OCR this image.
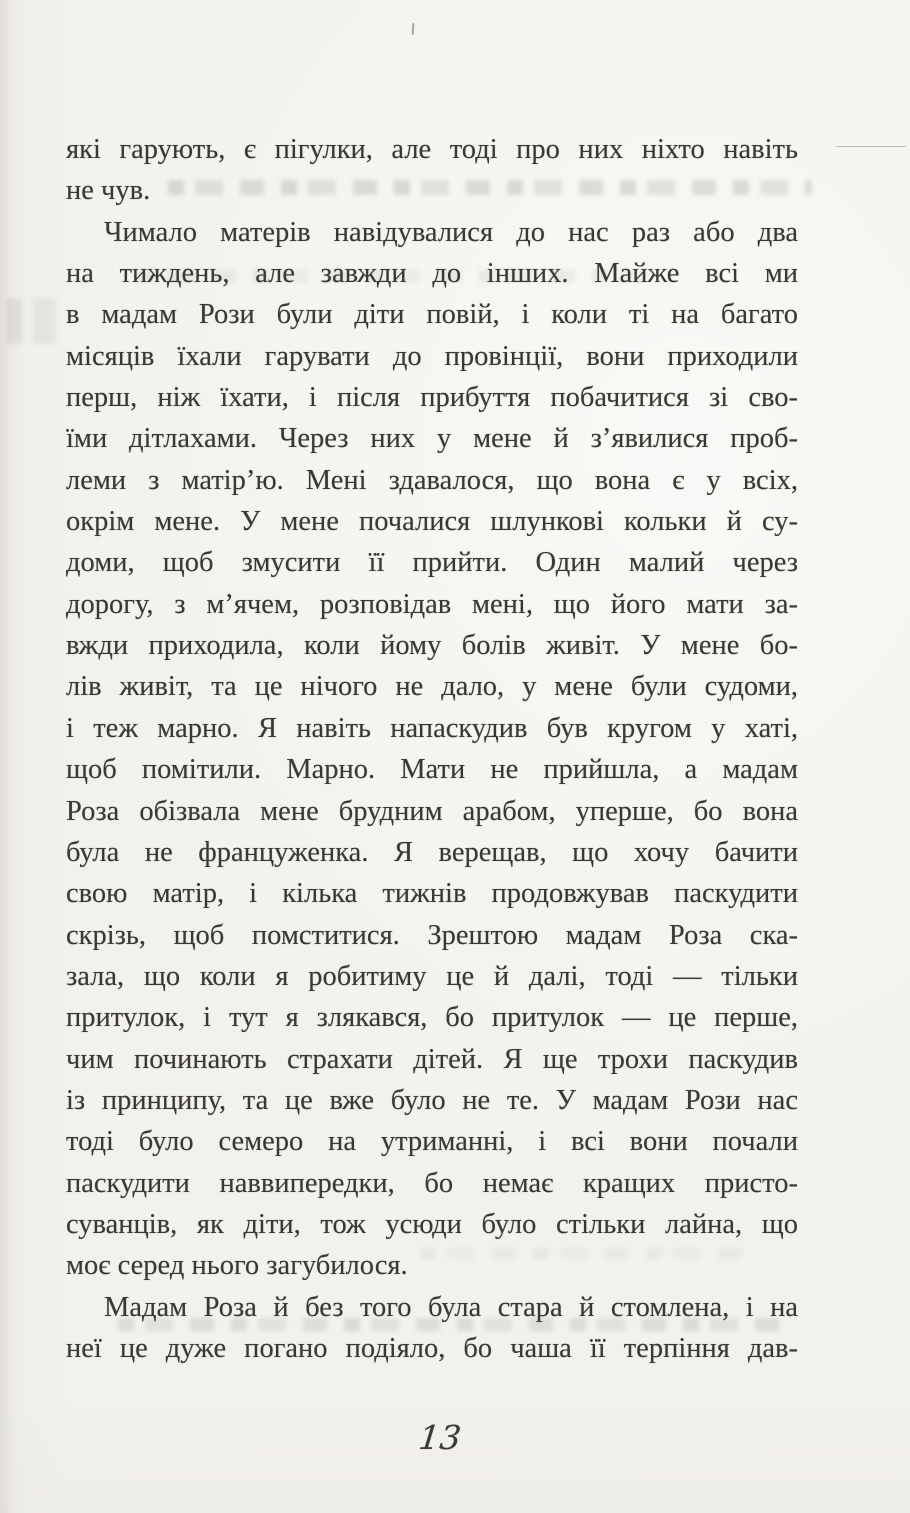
які гарують, є пігулки, але тоді про них ніхто навіть
не чув.
Чимало матерів навідувалися до нас раз або два
на тиждень, але завжди до інших. Майже всі ми
в мадам Рози були діти повій, і коли ті на багато
місяців їхали гарувати до провінції, вони приходили
перш, ніж їхати, і після прибуття побачитися зі сво-
їми дітлахами. Через них у мене й з’явилися проб-
леми з матір’ю. Мені здавалося, що вона є у всіх,
окрім мене. У мене почалися шлункові кольки й су-
доми, щоб змусити її прийти. Один малий через
дорогу, з м’ячем, розповідав мені, що його мати за-
вжди приходила, коли йому болів живіт. У мене бо-
лів живіт, та це нічого не дало, у мене були судоми,
і теж марно. Я навіть напаскудив був кругом у хаті,
щоб помітили. Марно. Мати не прийшла, а мадам
Роза обізвала мене брудним арабом, уперше, бо вона
була не француженка. Я верещав, що хочу бачити
свою матір, і кілька тижнів продовжував паскудити
скрізь, щоб помститися. Зрештою мадам Роза ска-
зала, що коли я робитиму це й далі, тоді — тільки
притулок, і тут я злякався, бо притулок — це перше,
чим починають страхати дітей. Я ще трохи паскудив
із принципу, та це вже було не те. У мадам Рози нас
тоді було семеро на утриманні, і всі вони почали
паскудити наввипередки, бо немає кращих присто-
суванців, як діти, тож усюди було стільки лайна, що
моє серед нього загубилося.
Мадам Роза й без того була стара й стомлена, і на
неї це дуже погано подіяло, бо чаша її терпіння дав-
13
